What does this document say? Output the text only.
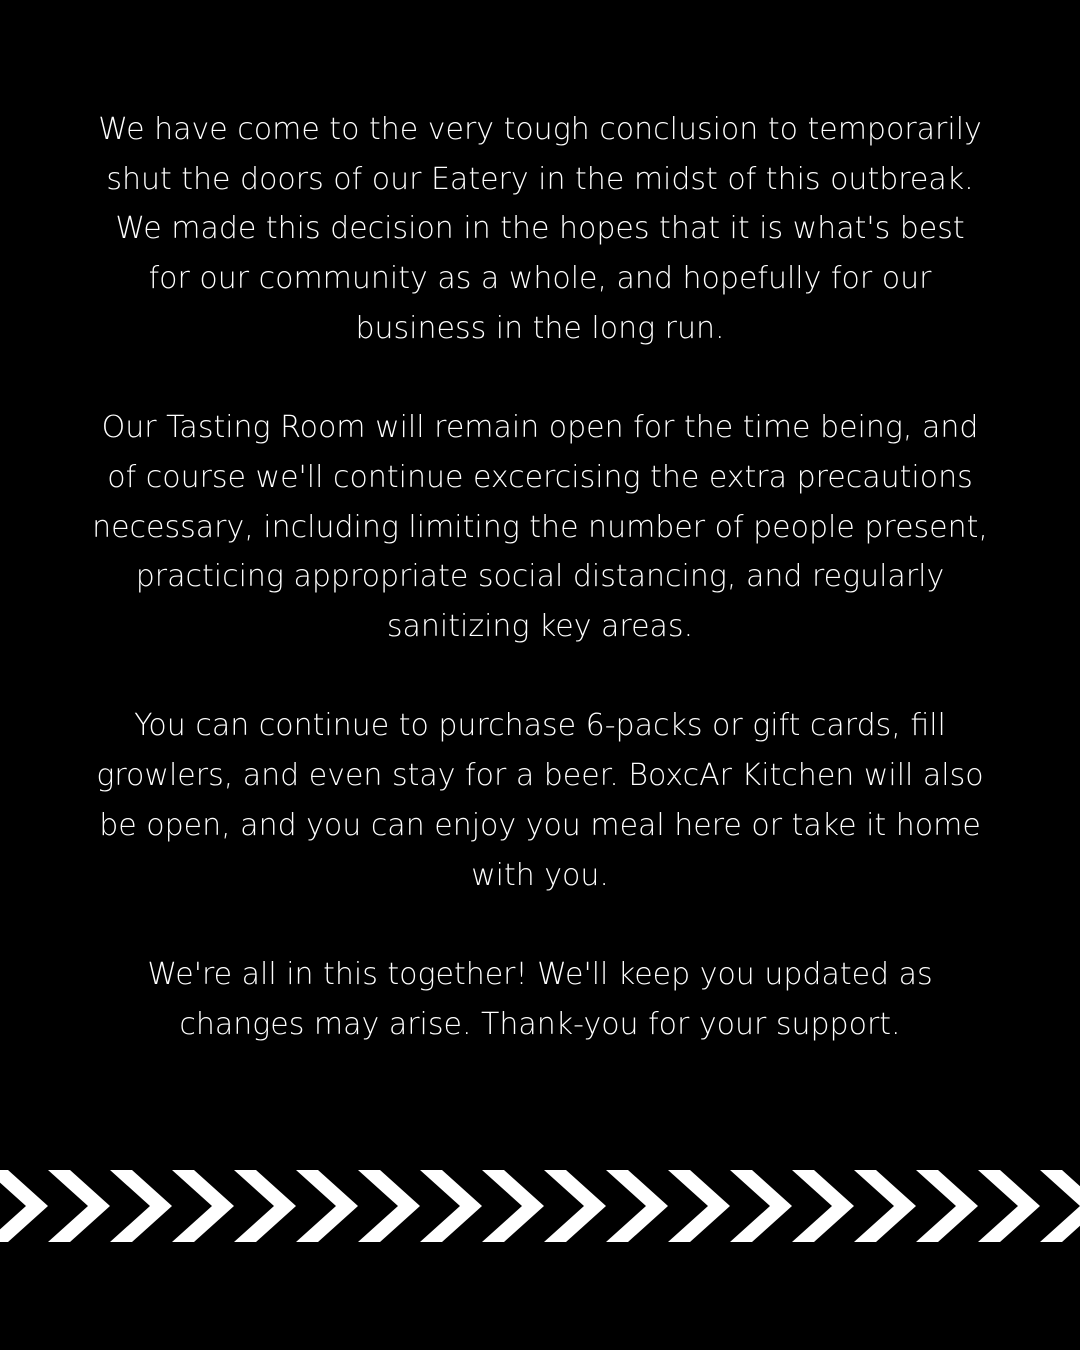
We have come to the very tough conclusion to temporarily shut the doors of our Eatery in the midst of this outbreak. We made this decision in the hopes that it is what's best for our community as a whole, and hopefully for our business in the long run.

Our Tasting Room will remain open for the time being, and of course we'll continue excercising the extra precautions necessary, including limiting the number of people present, practicing appropriate social distancing, and regularly sanitizing key areas.

You can continue to purchase 6-packs or gift cards, fill growlers, and even stay for a beer. BoxcAr Kitchen will also be open, and you can enjoy you meal here or take it home with you.

We're all in this together! We'll keep you updated as changes may arise. Thank-you for your support.
